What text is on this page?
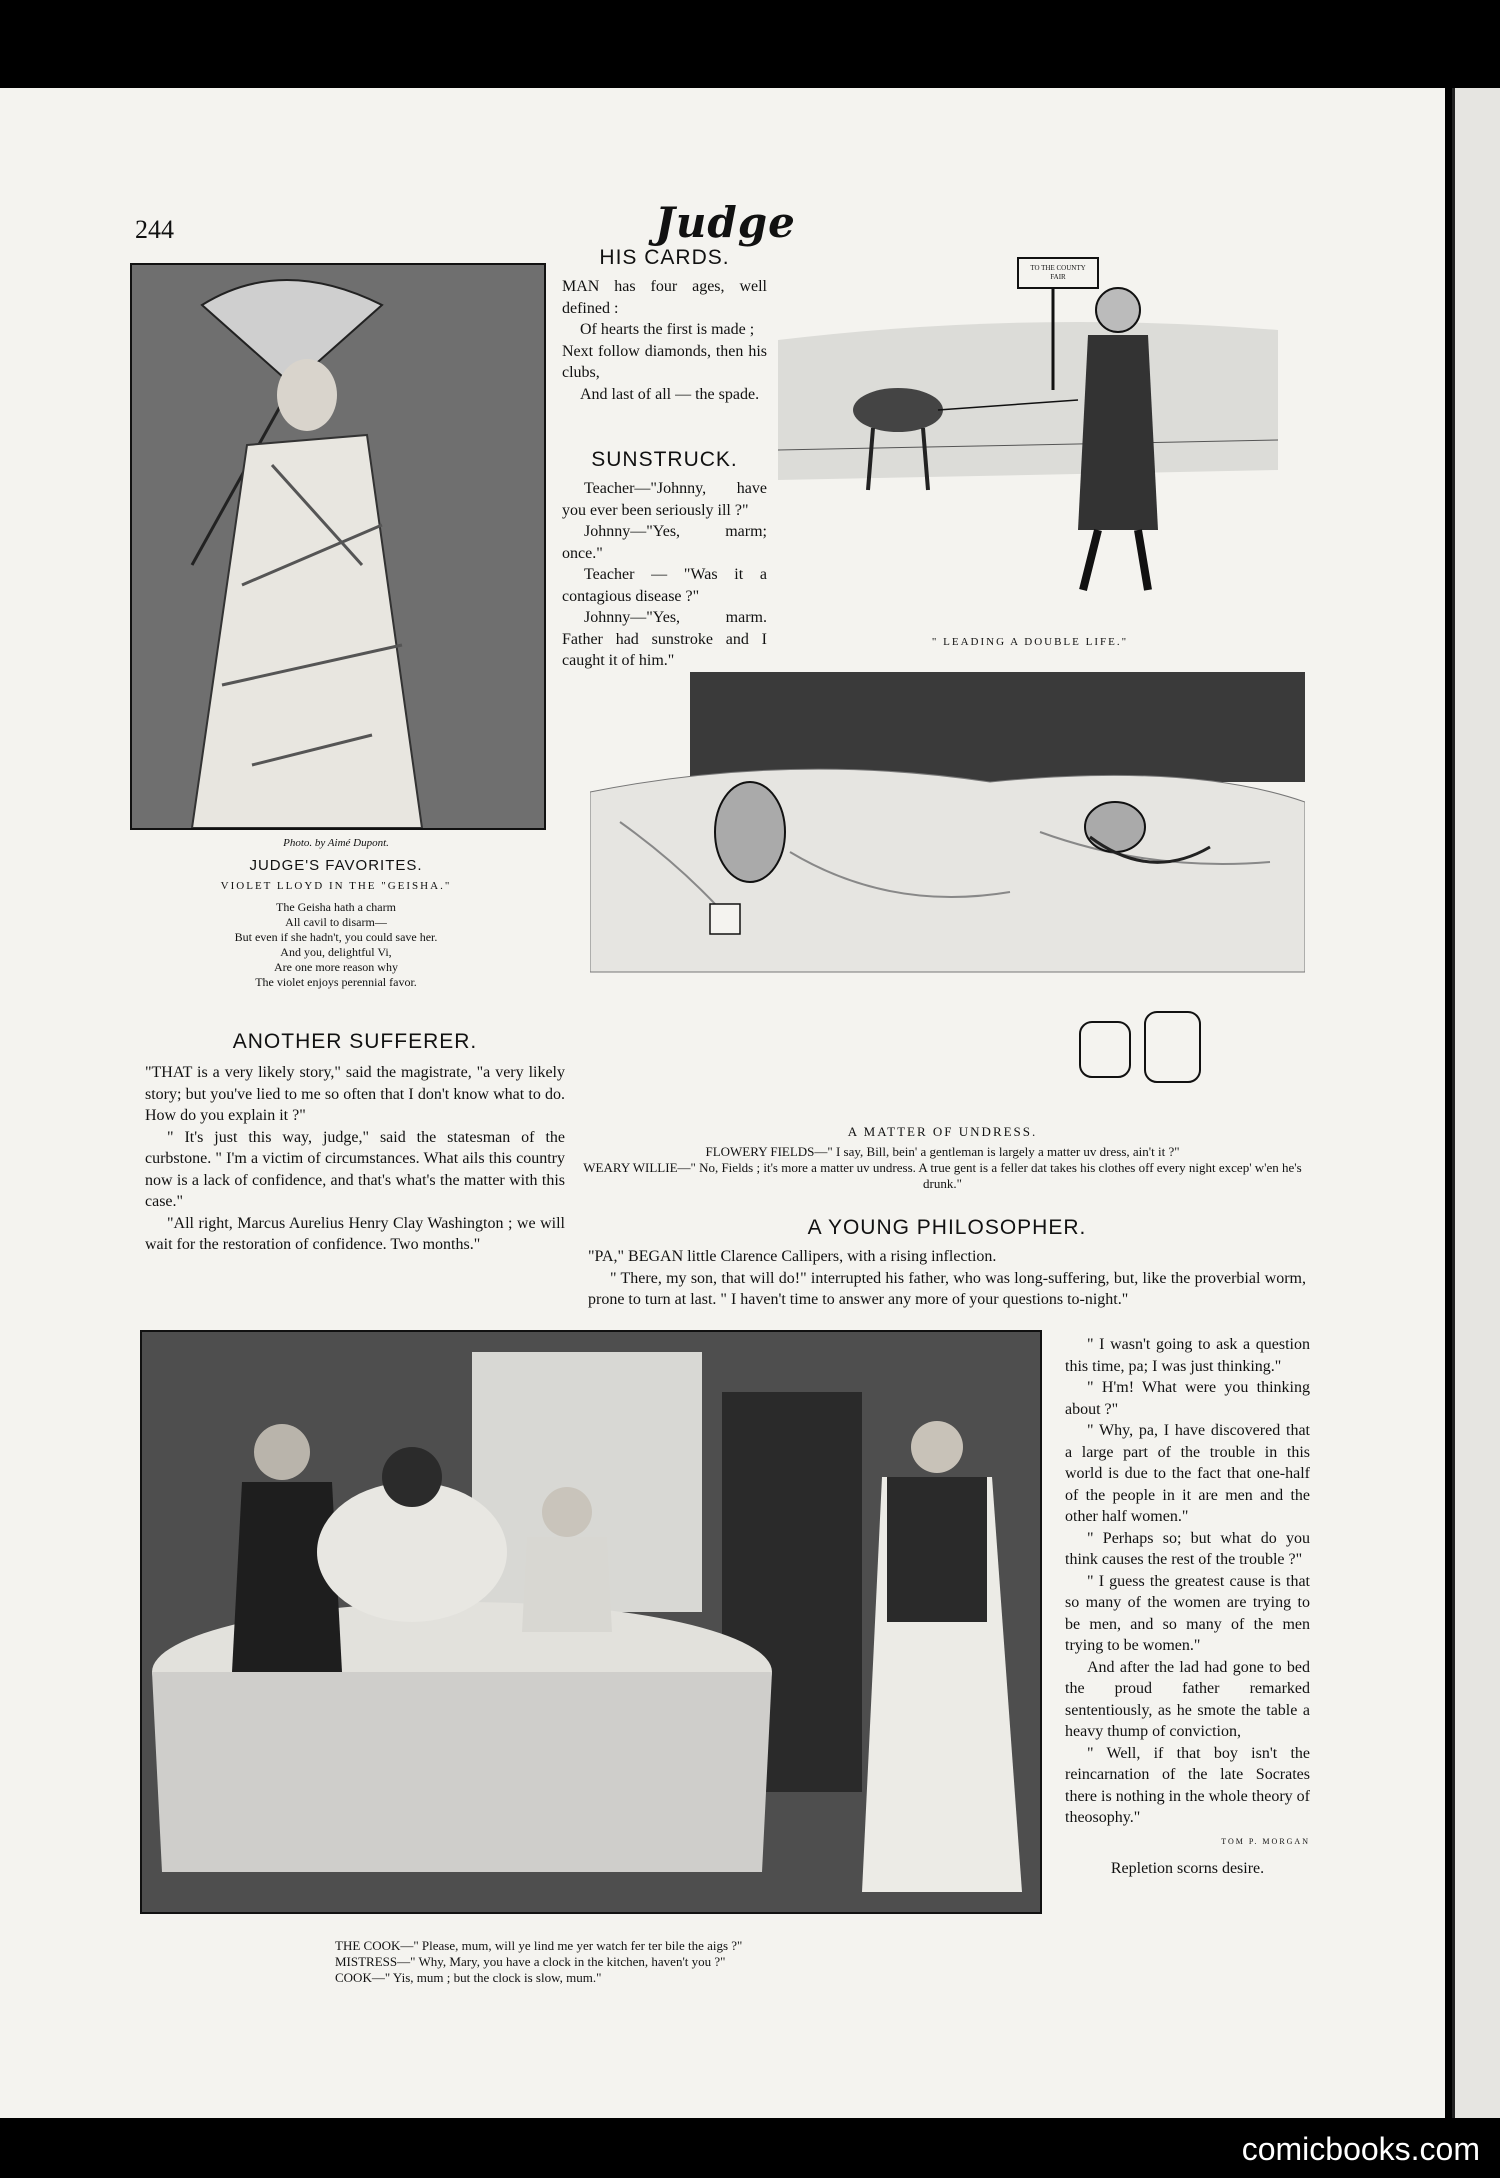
244	Judge
Photo. by Aimé Dupont.
JUDGE'S FAVORITES.
VIOLET LLOYD IN THE "GEISHA."
The Geisha hath a charm
All cavil to disarm—
But even if she hadn't, you could save her.
And you, delightful Vi,
Are one more reason why
The violet enjoys perennial favor.
HIS CARDS.
MAN has four ages, well defined :
Of hearts the first is made ;
Next follow diamonds, then his clubs,
And last of all — the spade.
SUNSTRUCK.
Teacher—"Johnny, have you ever been seriously ill ?"
Johnny—"Yes, marm; once."
Teacher — "Was it a contagious disease ?"
Johnny—"Yes, marm. Father had sunstroke and I caught it of him."
TO THE COUNTY FAIR
" LEADING A DOUBLE LIFE."
A MATTER OF UNDRESS.
FLOWERY FIELDS—" I say, Bill, bein' a gentleman is largely a matter uv dress, ain't it ?"
WEARY WILLIE—" No, Fields ; it's more a matter uv undress. A true gent is a feller dat takes his clothes off every night excep' w'en he's drunk."
ANOTHER SUFFERER.
"THAT is a very likely story," said the magistrate, "a very likely story; but you've lied to me so often that I don't know what to do. How do you explain it ?"
" It's just this way, judge," said the statesman of the curbstone. " I'm a victim of circumstances. What ails this country now is a lack of confidence, and that's what's the matter with this case."
"All right, Marcus Aurelius Henry Clay Washington ; we will wait for the restoration of confidence. Two months."
A YOUNG PHILOSOPHER.
"PA," BEGAN little Clarence Callipers, with a rising inflection.
" There, my son, that will do!" interrupted his father, who was long-suffering, but, like the proverbial worm, prone to turn at last. " I haven't time to answer any more of your questions to-night."
" I wasn't going to ask a question this time, pa; I was just thinking."
" H'm! What were you thinking about ?"
" Why, pa, I have discovered that a large part of the trouble in this world is due to the fact that one-half of the people in it are men and the other half women."
" Perhaps so; but what do you think causes the rest of the trouble ?"
" I guess the greatest cause is that so many of the women are trying to be men, and so many of the men trying to be women."
And after the lad had gone to bed the proud father remarked sententiously, as he smote the table a heavy thump of conviction,
" Well, if that boy isn't the reincarnation of the late Socrates there is nothing in the whole theory of theosophy."
TOM P. MORGAN
Repletion scorns desire.
THE COOK—" Please, mum, will ye lind me yer watch fer ter bile the aigs ?"
MISTRESS—" Why, Mary, you have a clock in the kitchen, haven't you ?"
COOK—" Yis, mum ; but the clock is slow, mum."
comicbooks.com
